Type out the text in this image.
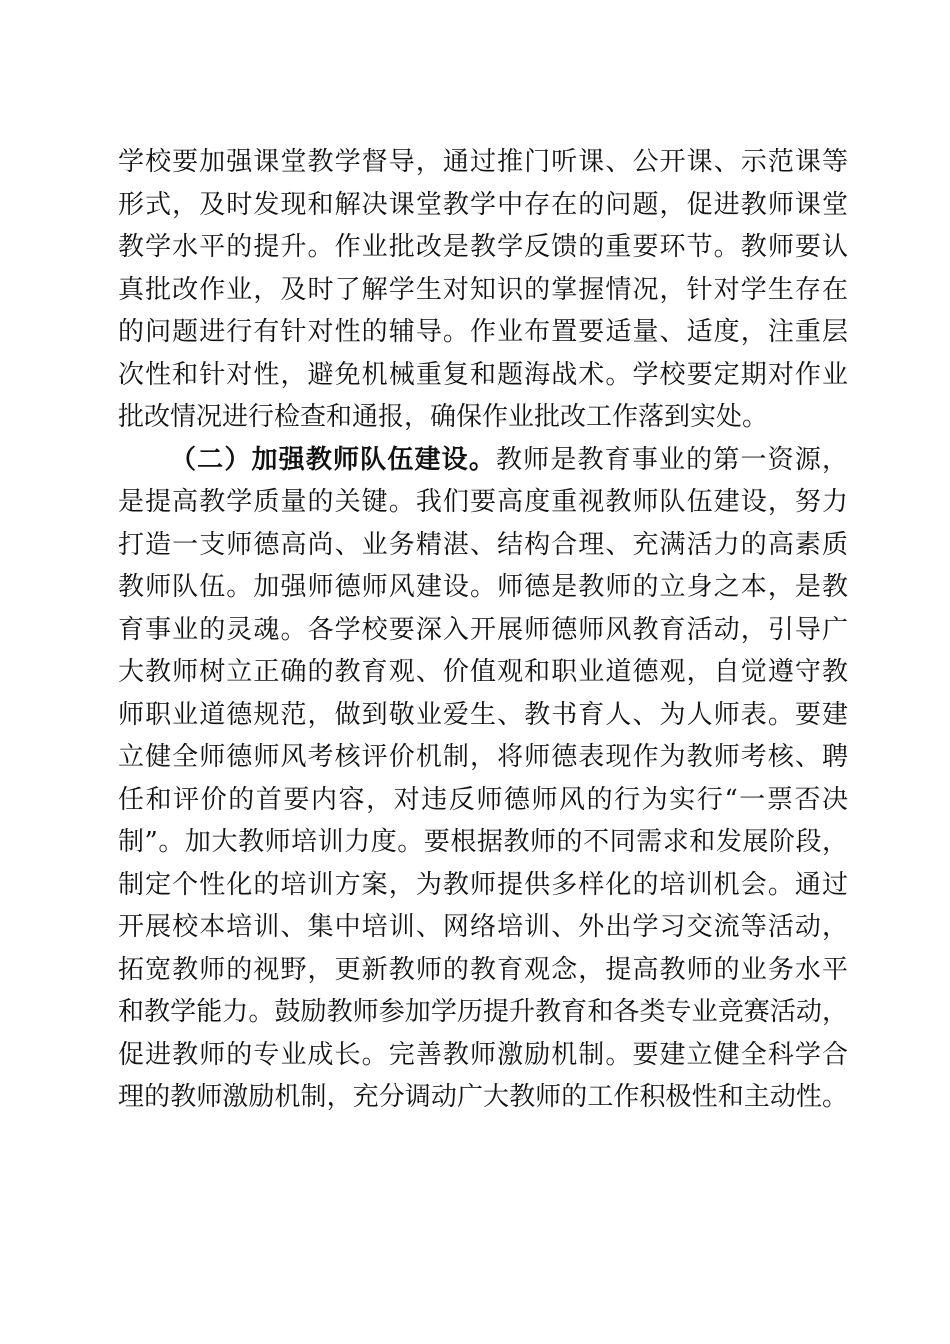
学校要加强课堂教学督导，通过推门听课、公开课、示范课等
形式，及时发现和解决课堂教学中存在的问题，促进教师课堂
教学水平的提升。作业批改是教学反馈的重要环节。教师要认
真批改作业，及时了解学生对知识的掌握情况，针对学生存在
的问题进行有针对性的辅导。作业布置要适量、适度，注重层
次性和针对性，避免机械重复和题海战术。学校要定期对作业
批改情况进行检查和通报，确保作业批改工作落到实处。
（二）加强教师队伍建设。教师是教育事业的第一资源，
是提高教学质量的关键。我们要高度重视教师队伍建设，努力
打造一支师德高尚、业务精湛、结构合理、充满活力的高素质
教师队伍。加强师德师风建设。师德是教师的立身之本，是教
育事业的灵魂。各学校要深入开展师德师风教育活动，引导广
大教师树立正确的教育观、价值观和职业道德观，自觉遵守教
师职业道德规范，做到敬业爱生、教书育人、为人师表。要建
立健全师德师风考核评价机制，将师德表现作为教师考核、聘
任和评价的首要内容，对违反师德师风的行为实行“一票否决
制”。加大教师培训力度。要根据教师的不同需求和发展阶段，
制定个性化的培训方案，为教师提供多样化的培训机会。通过
开展校本培训、集中培训、网络培训、外出学习交流等活动，
拓宽教师的视野，更新教师的教育观念，提高教师的业务水平
和教学能力。鼓励教师参加学历提升教育和各类专业竞赛活动，
促进教师的专业成长。完善教师激励机制。要建立健全科学合
理的教师激励机制，充分调动广大教师的工作积极性和主动性。
